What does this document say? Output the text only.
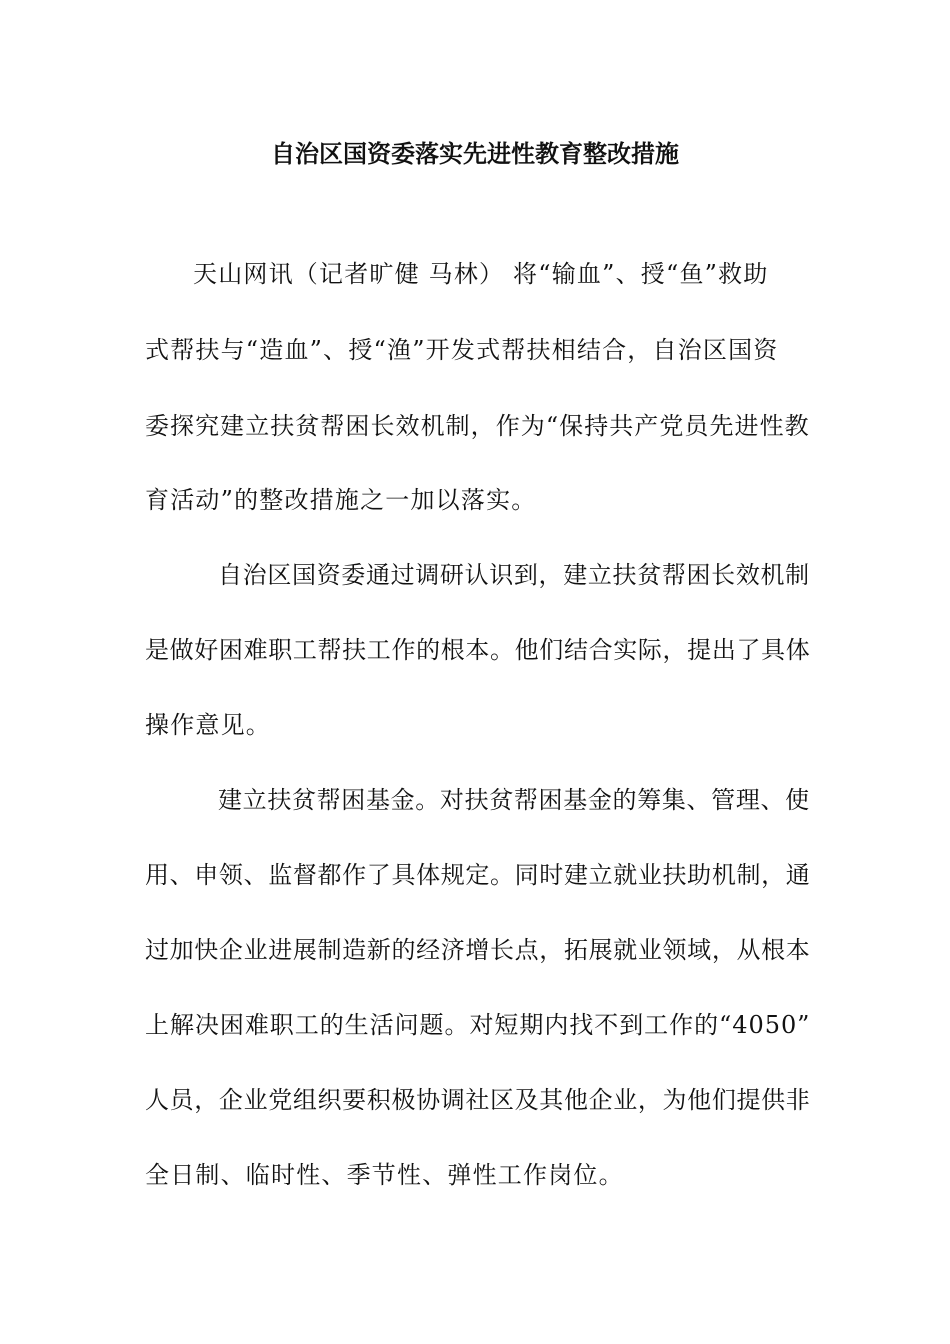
自治区国资委落实先进性教育整改措施
天山网讯（记者旷健 马林） 将“输血”、授“鱼”救助
式帮扶与“造血”、授“渔”开发式帮扶相结合，自治区国资
委探究建立扶贫帮困长效机制，作为“保持共产党员先进性教
育活动”的整改措施之一加以落实。
自治区国资委通过调研认识到，建立扶贫帮困长效机制
是做好困难职工帮扶工作的根本。他们结合实际，提出了具体
操作意见。
建立扶贫帮困基金。对扶贫帮困基金的筹集、管理、使
用、申领、监督都作了具体规定。同时建立就业扶助机制，通
过加快企业进展制造新的经济增长点，拓展就业领域，从根本
上解决困难职工的生活问题。对短期内找不到工作的“4050”
人员，企业党组织要积极协调社区及其他企业，为他们提供非
全日制、临时性、季节性、弹性工作岗位。
